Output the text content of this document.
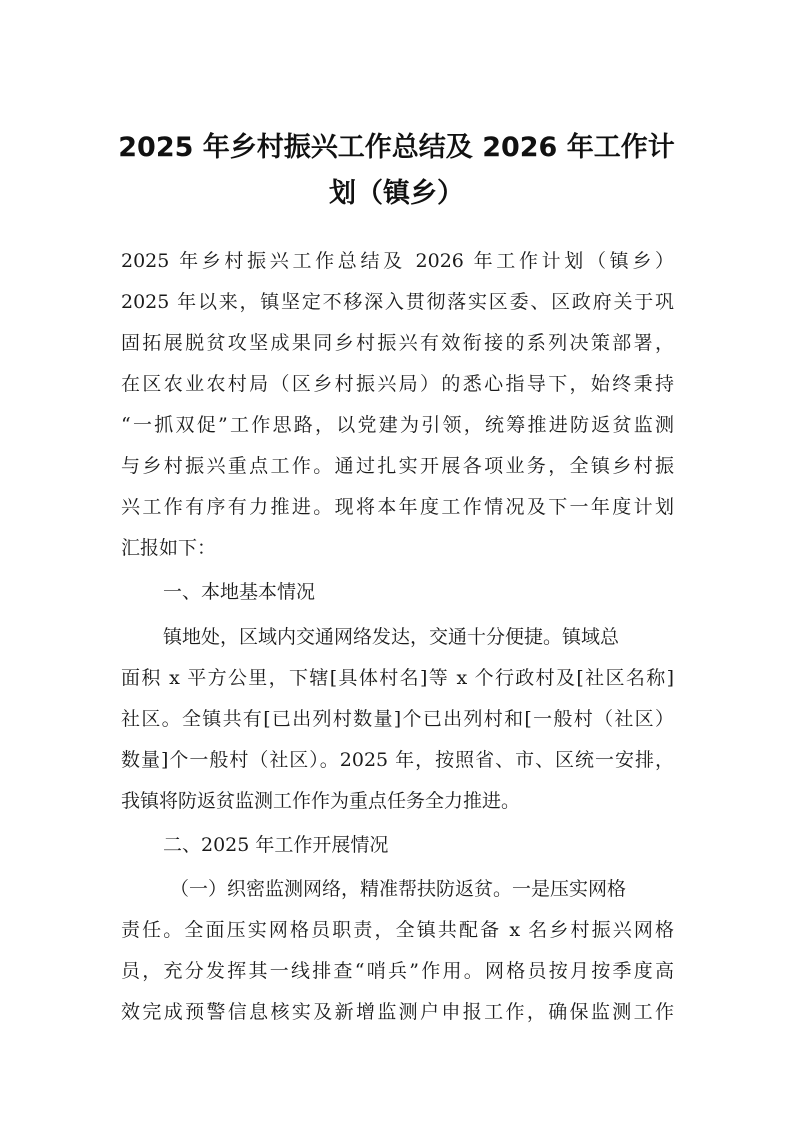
2025 年乡村振兴工作总结及 2026 年工作计
划（镇乡）

2025 年乡村振兴工作总结及 2026 年工作计划（镇乡）

2025 年以来，镇坚定不移深入贯彻落实区委、区政府关于巩

固拓展脱贫攻坚成果同乡村振兴有效衔接的系列决策部署，

在区农业农村局（区乡村振兴局）的悉心指导下，始终秉持

“一抓双促”工作思路，以党建为引领，统筹推进防返贫监测

与乡村振兴重点工作。通过扎实开展各项业务，全镇乡村振

兴工作有序有力推进。现将本年度工作情况及下一年度计划

汇报如下：

一、本地基本情况

镇地处，区域内交通网络发达，交通十分便捷。镇域总

面积 x 平方公里，下辖[具体村名]等 x 个行政村及[社区名称]

社区。全镇共有[已出列村数量]个已出列村和[一般村（社区）

数量]个一般村（社区）。2025 年，按照省、市、区统一安排，

我镇将防返贫监测工作作为重点任务全力推进。

二、2025 年工作开展情况

（一）织密监测网络，精准帮扶防返贫。一是压实网格

责任。全面压实网格员职责，全镇共配备 x 名乡村振兴网格

员，充分发挥其一线排查“哨兵”作用。网格员按月按季度高

效完成预警信息核实及新增监测户申报工作，确保监测工作
